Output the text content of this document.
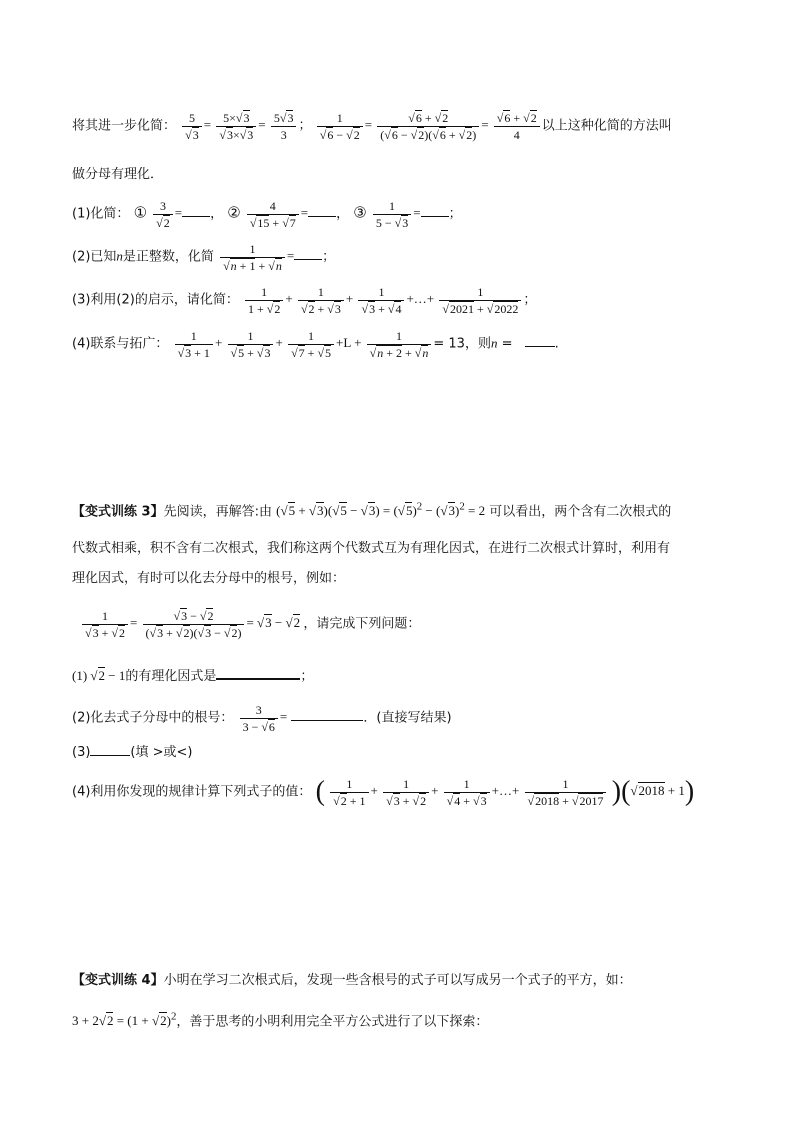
将其进一步化简： $\frac{5}{√3} = \frac{5\times√3}{√3\times√3} = \frac{5√3}{3}$ ； $\frac{1}{√6 - √2} = \frac{√6 + √2}{(√6 - √2)(√6 + √2)} = \frac{√6 + √2}{4}$ 以上这种化简的方法叫
做分母有理化．
(1)化简： ① $\frac{3}{√2}$ = ， ② $\frac{4}{√15 + √7}$ = ， ③ $\frac{1}{5 - √3}$ = ；
(2)已知n是正整数，化简 $\frac{1}{√n + 1 + √n}$ = ；
(3)利用(2)的启示，请化简： $\frac{1}{1 + √2} + \frac{1}{√2 + √3} + \frac{1}{√3 + √4}$ +…+ $\frac{1}{√2021 + √2022}$ ；
(4)联系与拓广： $\frac{1}{√3 + 1} + \frac{1}{√5 + √3} + \frac{1}{√7 + √5} +L + \frac{1}{√n + 2 + √n} = 13$，则n =	.
【变式训练 3】先阅读，再解答:由 $(√5 + √3)(√5 - √3) = (√5)^2 - (√3)^2 = 2$ 可以看出，两个含有二次根式的
代数式相乘，积不含有二次根式，我们称这两个代数式互为有理化因式，在进行二次根式计算时，利用有
理化因式，有时可以化去分母中的根号，例如：
$\frac{1}{√3 + √2} = \frac{√3 - √2}{(√3 + √2)(√3 - √2)} = √3 - √2$ ，请完成下列问题：
(1) √2 − 1的有理化因式是	；
(2)化去式子分母中的根号： $\frac{3}{3 - √6}$ =	．(直接写结果)
(3)	(填 >或<)
(4)利用你发现的规律计算下列式子的值： ( $\frac{1}{√2 + 1} + \frac{1}{√3 + √2} + \frac{1}{√4 + √3}$ +…+ $\frac{1}{√2018 + √2017} )(√2018 + 1)$
【变式训练 4】小明在学习二次根式后，发现一些含根号的式子可以写成另一个式子的平方，如：
$3 + 2√2 = (1 + √2)^2$，善于思考的小明利用完全平方公式进行了以下探索：
